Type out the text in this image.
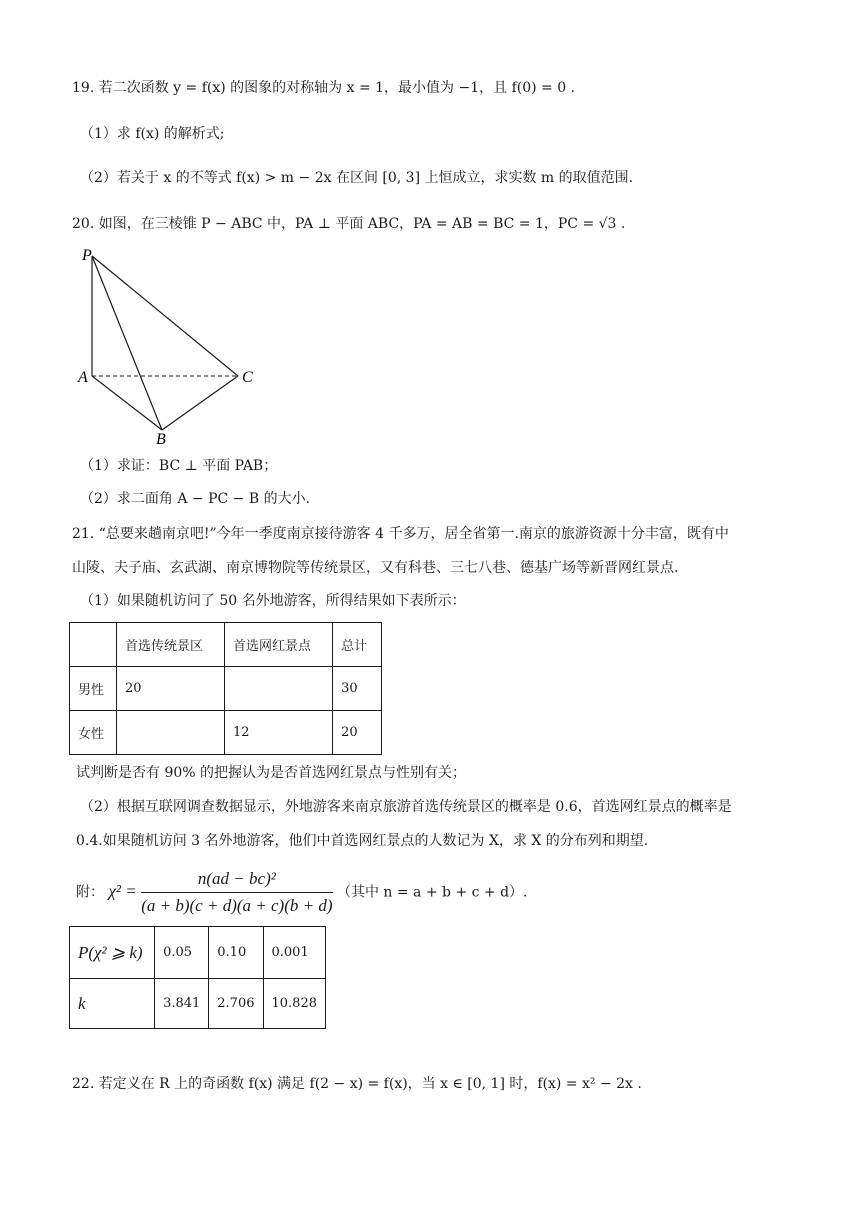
19. 若二次函数 y = f(x) 的图象的对称轴为 x = 1，最小值为 −1，且 f(0) = 0 .
（1）求 f(x) 的解析式;
（2）若关于 x 的不等式 f(x) > m − 2x 在区间 [0, 3] 上恒成立，求实数 m 的取值范围.
20. 如图，在三棱锥 P − ABC 中，PA ⊥ 平面 ABC，PA = AB = BC = 1，PC = √3 .
P
A	C
B
（1）求证：BC ⊥ 平面 PAB；
（2）求二面角 A − PC − B 的大小.
21. “总要来趟南京吧!”今年一季度南京接待游客 4 千多万，居全省第一.南京的旅游资源十分丰富，既有中
山陵、夫子庙、玄武湖、南京博物院等传统景区，又有科巷、三七八巷、德基广场等新晋网红景点.
（1）如果随机访问了 50 名外地游客，所得结果如下表所示：
	首选传统景区	首选网红景点	总计
男性	20		30
女性		12	20
试判断是否有 90% 的把握认为是否首选网红景点与性别有关；
（2）根据互联网调查数据显示，外地游客来南京旅游首选传统景区的概率是 0.6，首选网红景点的概率是
0.4.如果随机访问 3 名外地游客，他们中首选网红景点的人数记为 X，求 X 的分布列和期望.
附： $\chi^2 = \frac{\text{n(ad − bc)²}}{(a + b)(c + d)(a + c)(b + d)}$ （其中 n = a + b + c + d）.
P(χ² ⩾ k)	0.05	0.10	0.001
k	3.841	2.706	10.828
22. 若定义在 R 上的奇函数 f(x) 满足 f(2 − x) = f(x)，当 x ∈ [0, 1] 时，f(x) = x² − 2x .
